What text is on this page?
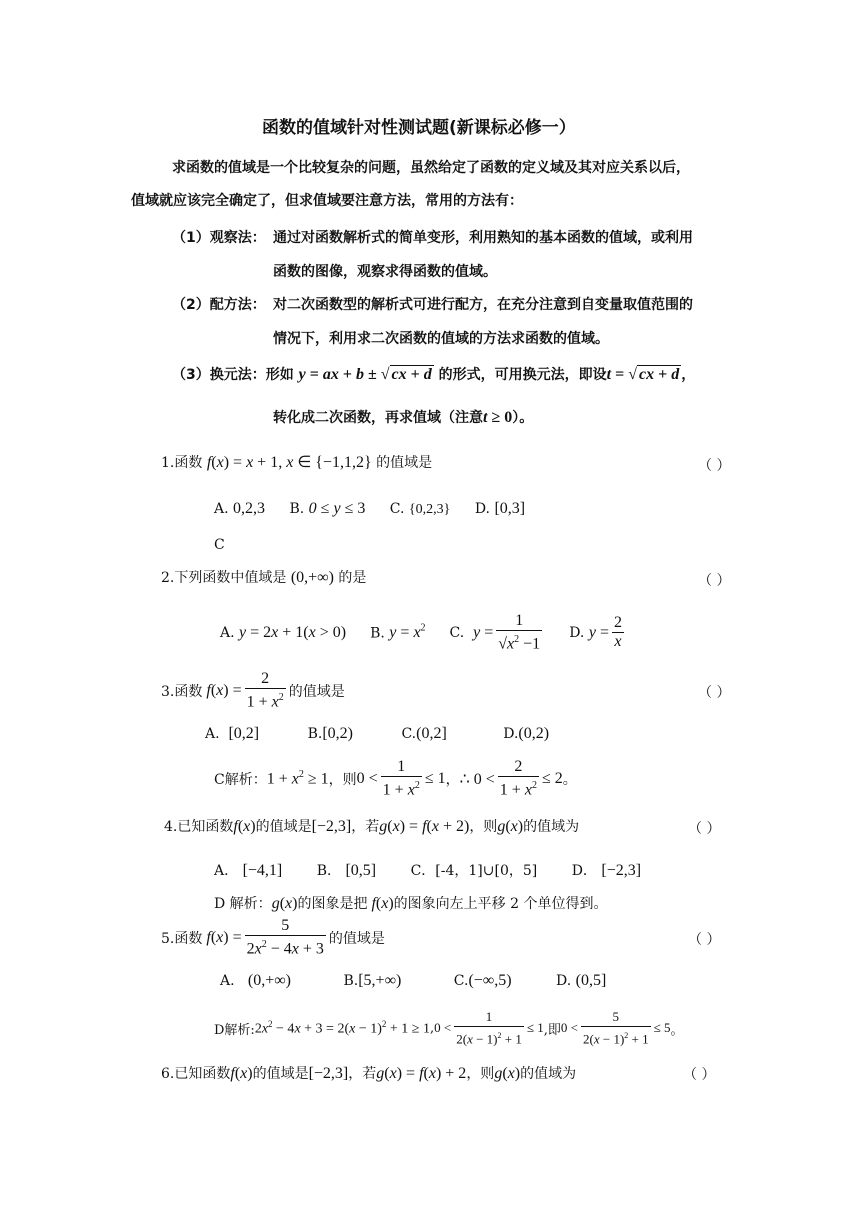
函数的值域针对性测试题(新课标必修一）
求函数的值域是一个比较复杂的问题，虽然给定了函数的定义域及其对应关系以后，
值域就应该完全确定了，但求值域要注意方法，常用的方法有：
（1）观察法： 通过对函数解析式的简单变形，利用熟知的基本函数的值域，或利用
函数的图像，观察求得函数的值域。
（2）配方法： 对二次函数型的解析式可进行配方，在充分注意到自变量取值范围的
情况下，利用求二次函数的值域的方法求函数的值域。
（3）换元法：形如 y = ax + b ± √ cx + d 的形式，可用换元法，即设t = √ cx + d ，
转化成二次函数，再求值域（注意t ≥ 0）。
1.函数 f(x) = x + 1, x ∈ {−1,1,2} 的值域是	（ ）
A. 0,2,3 B. 0 ≤ y ≤ 3 C. {0,2,3} D. [0,3]
C
2.下列函数中值域是 (0,+∞) 的是	（ ）
A. y = 2x + 1(x > 0) B. $y = x^2$ C.
$y = \frac{1}{√x^2 -1} D$.
$y = \frac{2}{x}$
3.函数 $f(x) = \frac{2}{1 + x^2}$ 的值域是	（ ）
A. [0,2]	B.[0,2)	C.(0,2]	D.(0,2)
C解析： $1 + x^2 \ge 1$ ，则 $0 < \frac{1}{1 + x^2} \le 1$ ， ∴ $0 < \frac{2}{1 + x^2} \le 2$ 。
4.已知函数f(x)的值域是[−2,3]，若g(x) = f(x + 2)，则g(x)的值域为	（ ）
A． [−4,1] B． [0,5] C．[-4，1]∪[0，5] D． [−2,3]
D 解析：g(x)的图象是把 f(x)的图象向左上平移 2 个单位得到。
5.函数 $f(x) = \frac{5}{2x^2 - 4x + 3}$ 的值域是	（ ）
A. (0,+∞)	B.[5,+∞)	C.(−∞,5)	D. (0,5]
D解析: $2x^2 - 4x + 3 = 2(x - 1)^2 + 1 \ge 1$ , $0 < \frac{1}{2(x - 1)^2 + 1} \le 1$ ,即 $0 < \frac{5}{2(x - 1)^2 + 1} \le 5$ 。
6.已知函数f(x)的值域是[−2,3]，若g(x) = f(x) + 2，则g(x)的值域为	（ ）
